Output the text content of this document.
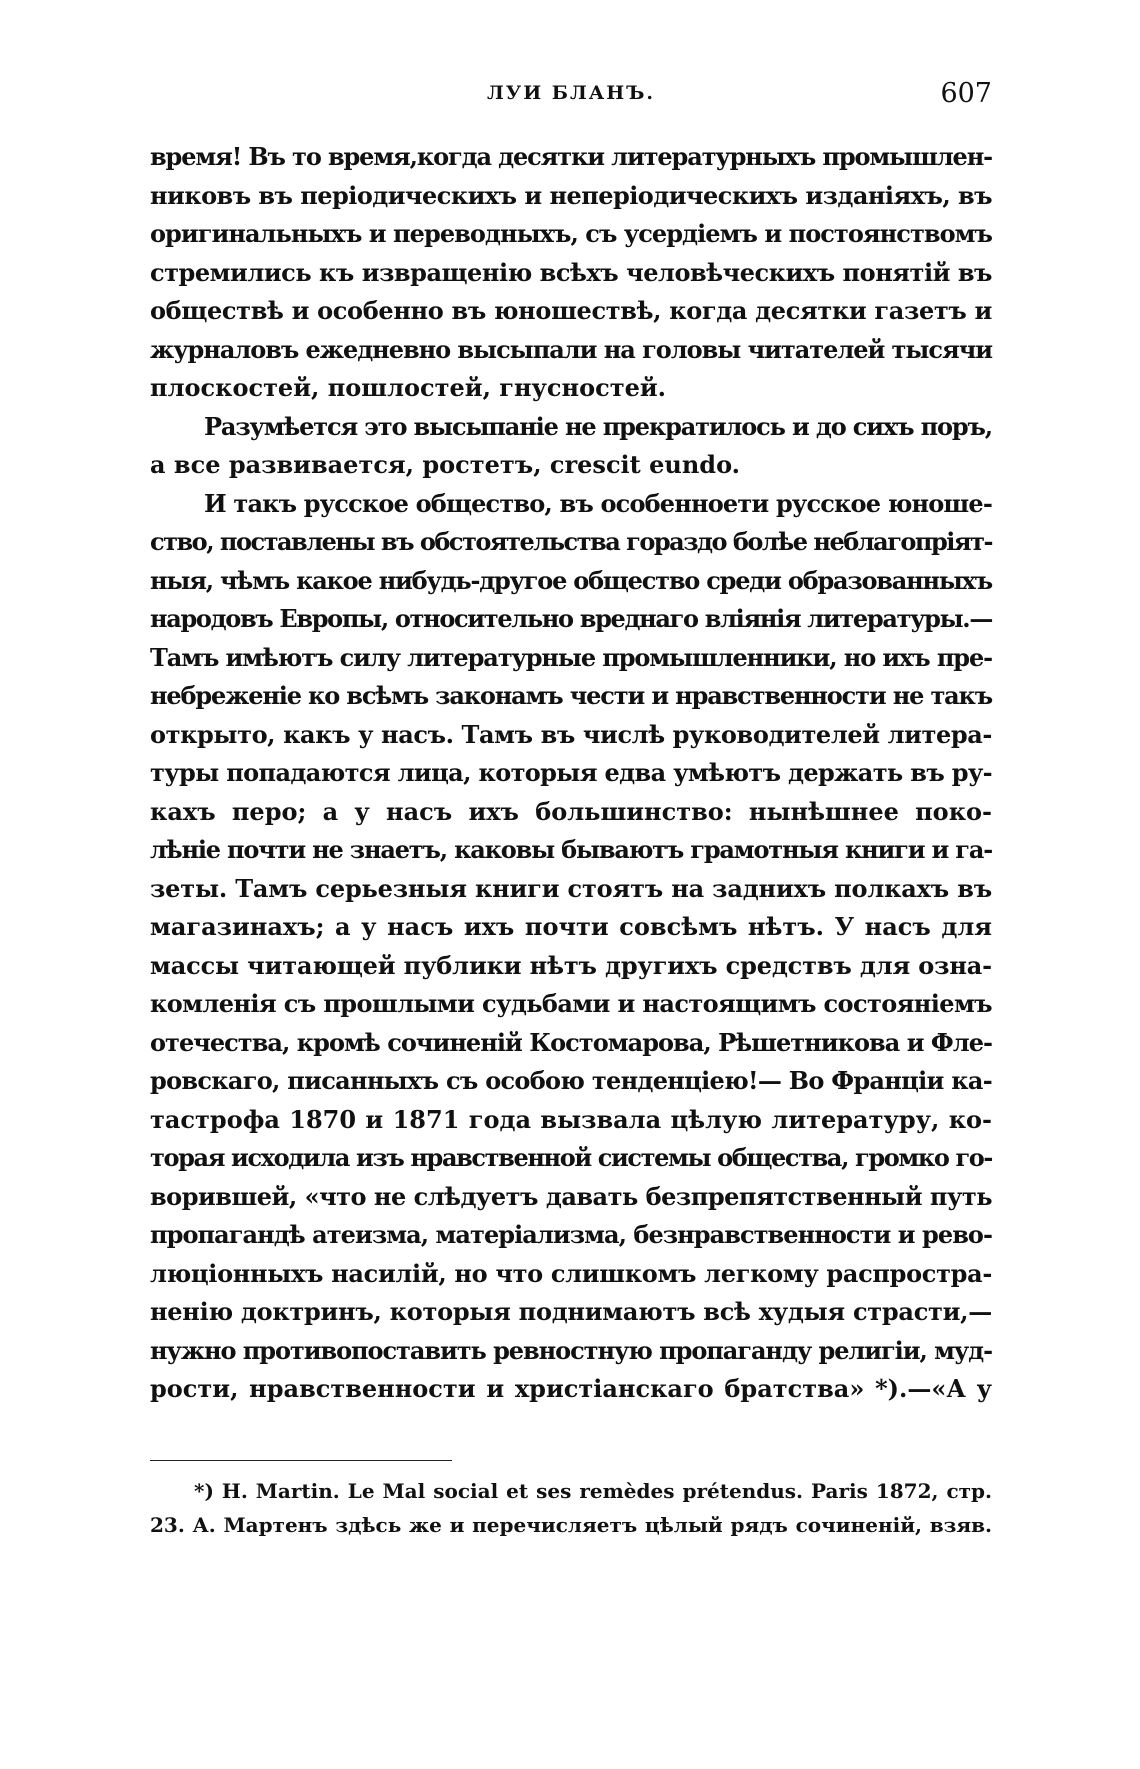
ЛУИ БЛАНЪ.	607
время! Въ то время,когда десятки литературныхъ промышлен-
никовъ въ періодическихъ и неперіодическихъ изданіяхъ, въ
оригинальныхъ и переводныхъ, съ усердіемъ и постоянствомъ
стремились къ извращенію всѣхъ человѣческихъ понятій въ
обществѣ и особенно въ юношествѣ, когда десятки газетъ и
журналовъ ежедневно высыпали на головы читателей тысячи
плоскостей, пошлостей, гнусностей.
Разумѣется это высыпаніе не прекратилось и до сихъ поръ,
а все развивается, ростетъ, crescit eundo.
И такъ русское общество, въ особенноети русское юноше-
ство, поставлены въ обстоятельства гораздо болѣе неблагопріят-
ныя, чѣмъ какое нибудь-другое общество среди образованныхъ
народовъ Европы, относительно вреднаго вліянія литературы.—
Тамъ имѣютъ силу литературные промышленники, но ихъ пре-
небреженіе ко всѣмъ законамъ чести и нравственности не такъ
открыто, какъ у насъ. Тамъ въ числѣ руководителей литера-
туры попадаются лица, которыя едва умѣютъ держать въ ру-
кахъ перо; а у насъ ихъ большинство: нынѣшнее поко-
лѣніе почти не знаетъ, каковы бываютъ грамотныя книги и га-
зеты. Тамъ серьезныя книги стоятъ на заднихъ полкахъ въ
магазинахъ; а у насъ ихъ почти совсѣмъ нѣтъ. У насъ для
массы читающей публики нѣтъ другихъ средствъ для озна-
комленія съ прошлыми судьбами и настоящимъ состояніемъ
отечества, кромѣ сочиненій Костомарова, Рѣшетникова и Фле-
ровскаго, писанныхъ съ особою тенденціею!— Во Франціи ка-
тастрофа 1870 и 1871 года вызвала цѣлую литературу, ко-
торая исходила изъ нравственной системы общества, громко го-
ворившей, «что не слѣдуетъ давать безпрепятственный путь
пропагандѣ атеизма, матеріализма, безнравственности и рево-
люціонныхъ насилій, но что слишкомъ легкому распростра-
ненію доктринъ, которыя поднимаютъ всѣ худыя страсти,—
нужно противопоставить ревностную пропаганду религіи, муд-
рости, нравственности и христіанскаго братства» *).—«А у
*) H. Martin. Le Mal social et ses remèdes prétendus. Paris 1872, стр.
23. А. Мартенъ здѣсь же и перечисляетъ цѣлый рядъ сочиненій, взяв.
